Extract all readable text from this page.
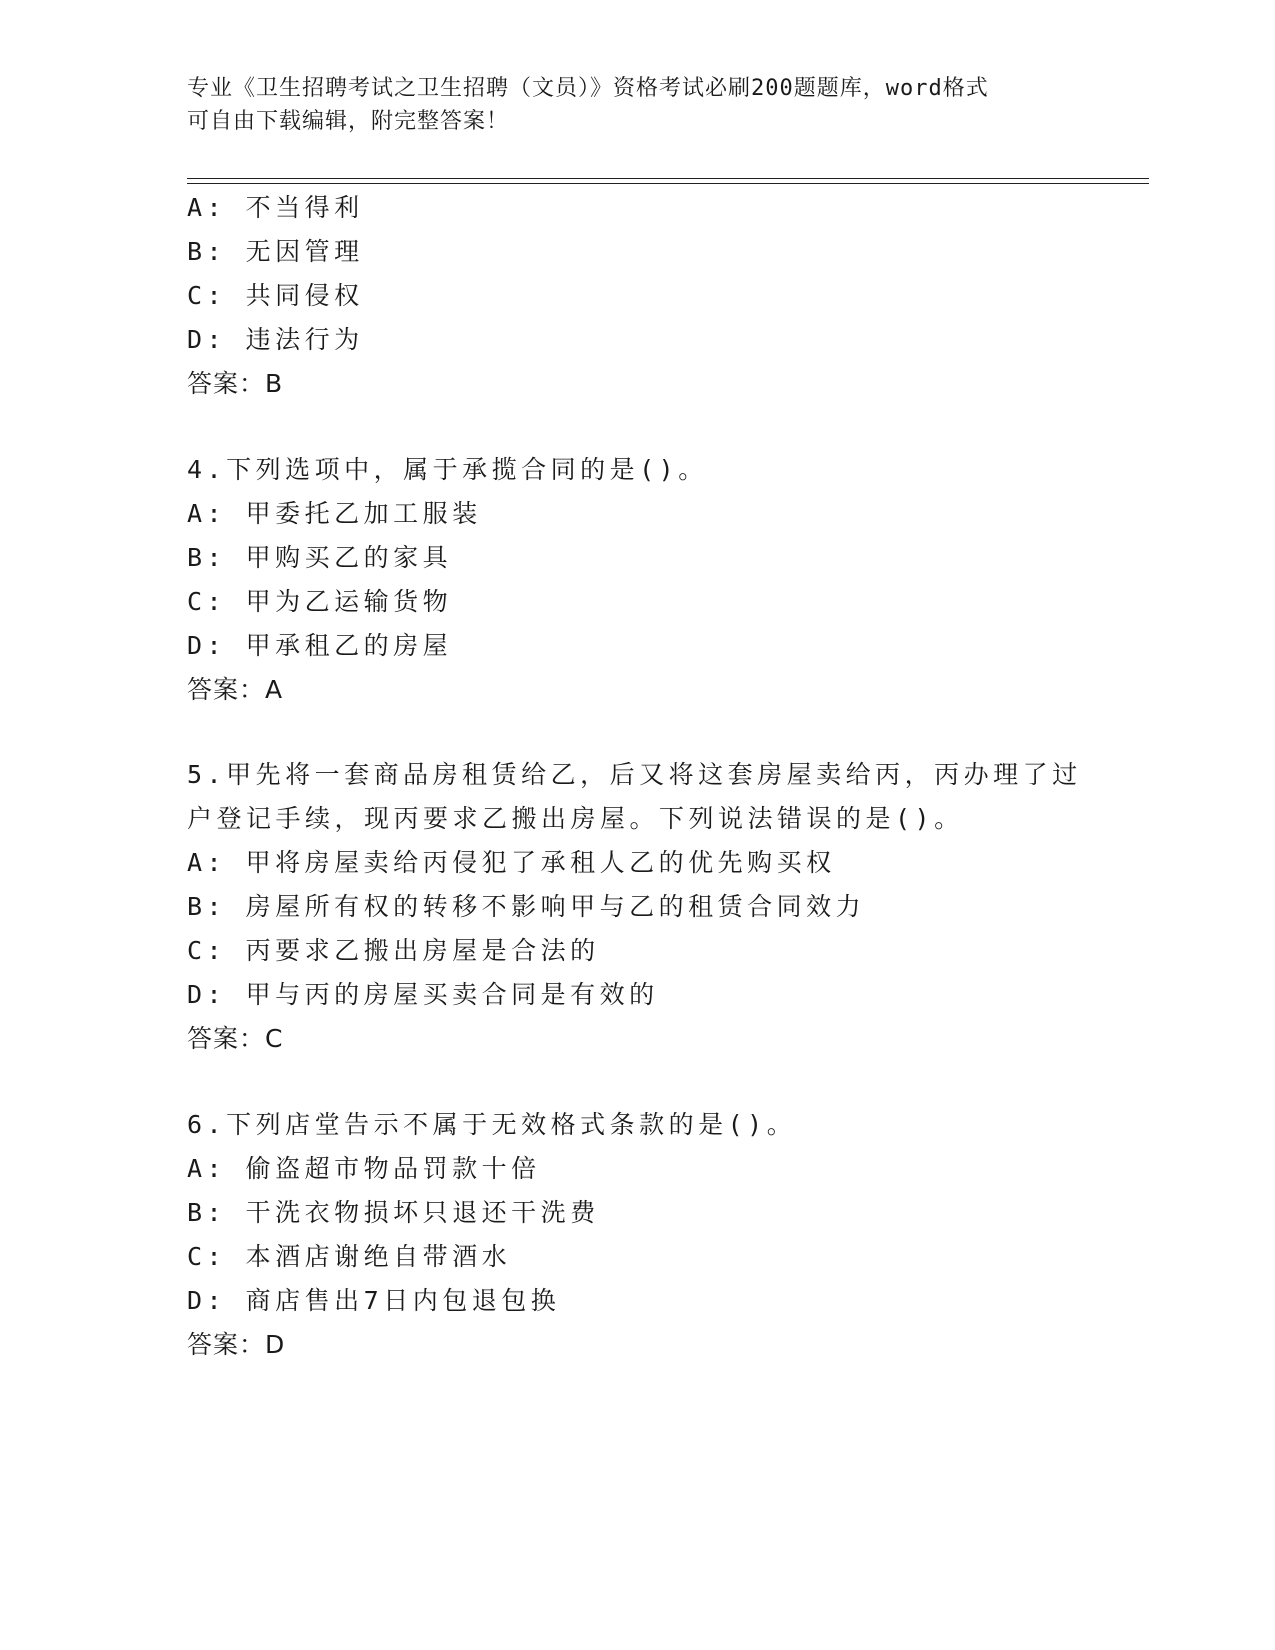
专业《卫生招聘考试之卫生招聘（文员）》资格考试必刷200题题库，word格式
可自由下载编辑，附完整答案！
A: 不当得利
B: 无因管理
C: 共同侵权
D: 违法行为
答案：B
4.下列选项中，属于承揽合同的是()。
A: 甲委托乙加工服装
B: 甲购买乙的家具
C: 甲为乙运输货物
D: 甲承租乙的房屋
答案：A
5.甲先将一套商品房租赁给乙，后又将这套房屋卖给丙，丙办理了过
户登记手续，现丙要求乙搬出房屋。下列说法错误的是()。
A: 甲将房屋卖给丙侵犯了承租人乙的优先购买权
B: 房屋所有权的转移不影响甲与乙的租赁合同效力
C: 丙要求乙搬出房屋是合法的
D: 甲与丙的房屋买卖合同是有效的
答案：C
6.下列店堂告示不属于无效格式条款的是()。
A: 偷盗超市物品罚款十倍
B: 干洗衣物损坏只退还干洗费
C: 本酒店谢绝自带酒水
D: 商店售出7日内包退包换
答案：D
